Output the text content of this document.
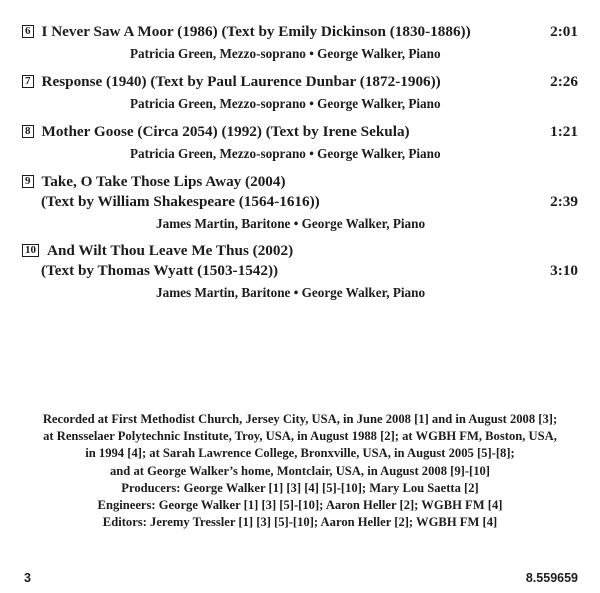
6 I Never Saw A Moor (1986) (Text by Emily Dickinson (1830-1886))	2:01
Patricia Green, Mezzo-soprano • George Walker, Piano
7 Response (1940) (Text by Paul Laurence Dunbar (1872-1906))	2:26
Patricia Green, Mezzo-soprano • George Walker, Piano
8 Mother Goose (Circa 2054) (1992) (Text by Irene Sekula)	1:21
Patricia Green, Mezzo-soprano • George Walker, Piano
9 Take, O Take Those Lips Away (2004)
(Text by William Shakespeare (1564-1616))	2:39
James Martin, Baritone • George Walker, Piano
10 And Wilt Thou Leave Me Thus (2002)
(Text by Thomas Wyatt (1503-1542))	3:10
James Martin, Baritone • George Walker, Piano
Recorded at First Methodist Church, Jersey City, USA, in June 2008 [1] and in August 2008 [3];
at Rensselaer Polytechnic Institute, Troy, USA, in August 1988 [2]; at WGBH FM, Boston, USA,
in 1994 [4]; at Sarah Lawrence College, Bronxville, USA, in August 2005 [5]-[8];
and at George Walker’s home, Montclair, USA, in August 2008 [9]-[10]
Producers: George Walker [1] [3] [4] [5]-[10]; Mary Lou Saetta [2]
Engineers: George Walker [1] [3] [5]-[10]; Aaron Heller [2]; WGBH FM [4]
Editors: Jeremy Tressler [1] [3] [5]-[10]; Aaron Heller [2]; WGBH FM [4]
3	8.559659
